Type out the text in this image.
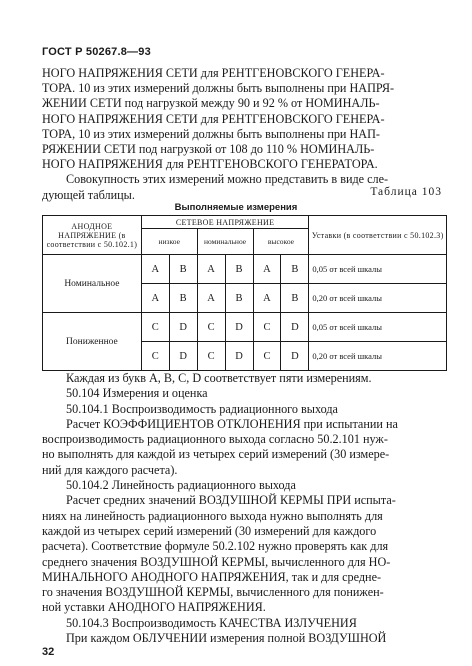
ГОСТ Р 50267.8—93
НОГО НАПРЯЖЕНИЯ СЕТИ для РЕНТГЕНОВСКОГО ГЕНЕРА-
ТОРА. 10 из этих измерений должны быть выполнены при НАПРЯ-
ЖЕНИИ СЕТИ под нагрузкой между 90 и 92 % от НОМИНАЛЬ-
НОГО НАПРЯЖЕНИЯ СЕТИ для РЕНТГЕНОВСКОГО ГЕНЕРА-
ТОРА, 10 из этих измерений должны быть выполнены при НАП-
РЯЖЕНИИ СЕТИ под нагрузкой от 108 до 110 % НОМИНАЛЬ-
НОГО НАПРЯЖЕНИЯ для РЕНТГЕНОВСКОГО ГЕНЕРАТОРА.
Совокупность этих измерений можно представить в виде сле-
дующей таблицы.	Таблица 103
Выполняемые измерения
АНОДНОЕ НАПРЯЖЕНИЕ (в соответствии с 50.102.1)	СЕТЕВОЕ НАПРЯЖЕНИЕ						Уставки (в соответствии с 50.102.3)
	низкое		номинальное		высокое		
Номинальное	A	B	A	B	A	B	0,05 от всей шкалы
	A	B	A	B	A	B	0,20 от всей шкалы
Пониженное	C	D	C	D	C	D	0,05 от всей шкалы
	C	D	C	D	C	D	0,20 от всей шкалы
Каждая из букв А, В, С, D соответствует пяти измерениям.
50.104 Измерения и оценка
50.104.1 Воспроизводимость радиационного выхода
Расчет КОЭФФИЦИЕНТОВ ОТКЛОНЕНИЯ при испытании на
воспроизводимость радиационного выхода согласно 50.2.101 нуж-
но выполнять для каждой из четырех серий измерений (30 измере-
ний для каждого расчета).
50.104.2 Линейность радиационного выхода
Расчет средних значений ВОЗДУШНОЙ КЕРМЫ ПРИ испыта-
ниях на линейность радиационного выхода нужно выполнять для
каждой из четырех серий измерений (30 измерений для каждого
расчета). Соответствие формуле 50.2.102 нужно проверять как для
среднего значения ВОЗДУШНОЙ КЕРМЫ, вычисленного для НО-
МИНАЛЬНОГО АНОДНОГО НАПРЯЖЕНИЯ, так и для средне-
го значения ВОЗДУШНОЙ КЕРМЫ, вычисленного для понижен-
ной уставки АНОДНОГО НАПРЯЖЕНИЯ.
50.104.3 Воспроизводимость КАЧЕСТВА ИЗЛУЧЕНИЯ
При каждом ОБЛУЧЕНИИ измерения полной ВОЗДУШНОЙ
32
